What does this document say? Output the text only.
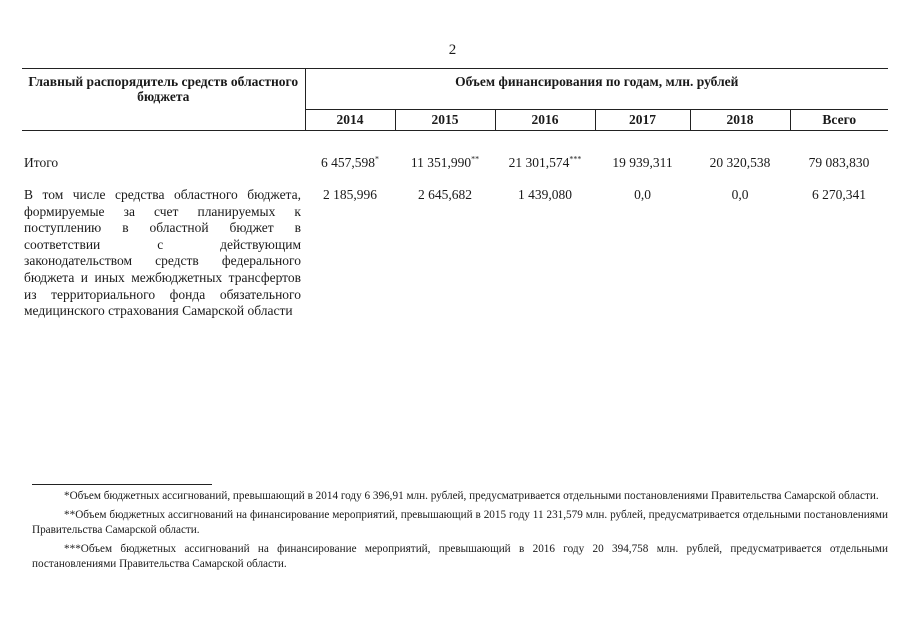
2
Главный распорядитель средств областного бюджета	Объем финансирования по годам, млн. рублей					
	2014	2015	2016	2017	2018	Всего

Итого	6 457,598*	11 351,990**	21 301,574***	19 939,311	20 320,538	79 083,830
В том числе средства областного бюджета, формируемые за счет планируемых к поступлению в областной бюджет в соответствии с действующим законодательством средств федерального бюджета и иных межбюджетных трансфертов из территориального фонда обязательного медицинского страхования Самарской области	2 185,996	2 645,682	1 439,080	0,0	0,0	6 270,341

*Объем бюджетных ассигнований, превышающий в 2014 году 6 396,91 млн. рублей, предусматривается отдельными постановлениями Правительства Самарской области.

**Объем бюджетных ассигнований на финансирование мероприятий, превышающий в 2015 году 11 231,579 млн. рублей, предусматривается отдельными постановлениями Правительства Самарской области.

***Объем бюджетных ассигнований на финансирование мероприятий, превышающий в 2016 году 20 394,758 млн. рублей, предусматривается отдельными постановлениями Правительства Самарской области.
